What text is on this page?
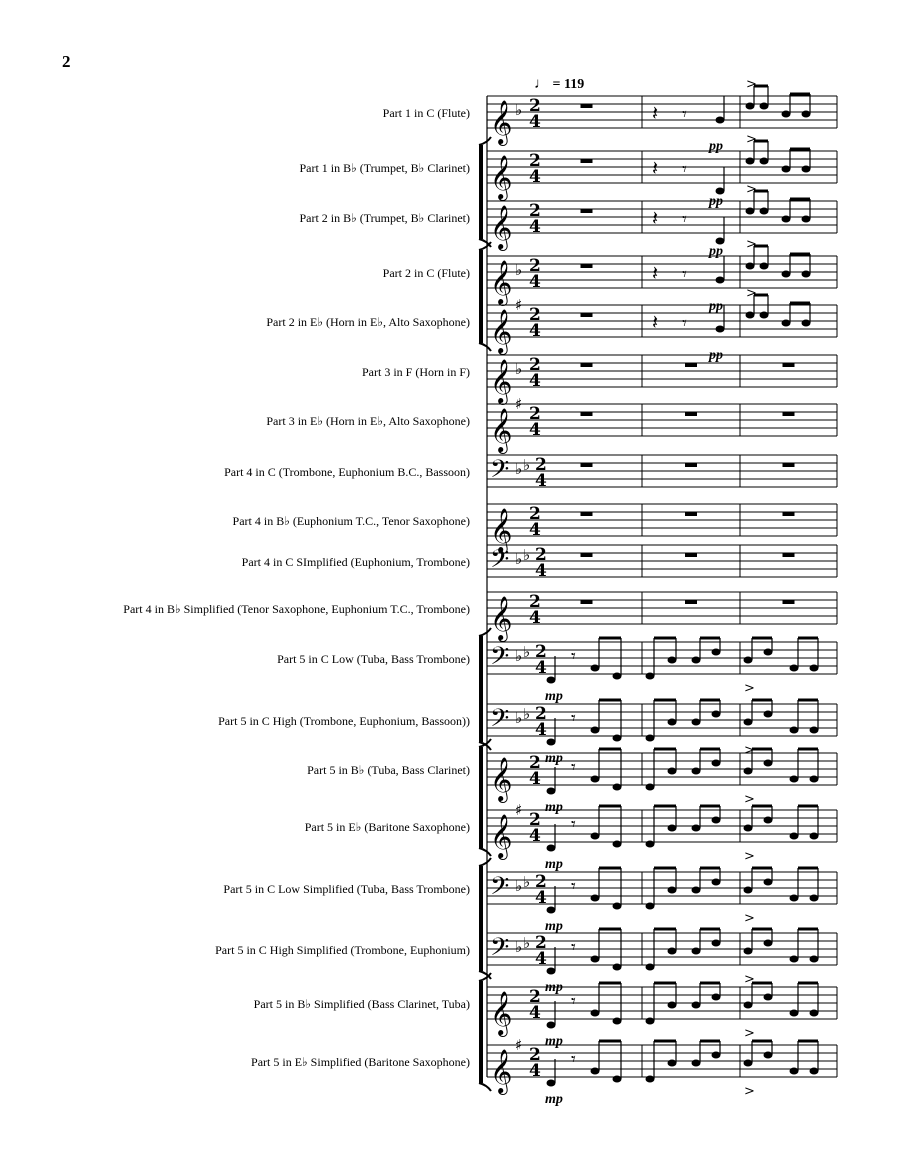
2
♩ = 119
Part 1 in C (Flute)
Part 1 in B♭ (Trumpet, B♭ Clarinet)
Part 2 in B♭ (Trumpet, B♭ Clarinet)
Part 2 in C (Flute)
Part 2 in E♭ (Horn in E♭, Alto Saxophone)
Part 3 in F (Horn in F)
Part 3 in E♭ (Horn in E♭, Alto Saxophone)
Part 4 in C (Trombone, Euphonium B.C., Bassoon)
Part 4 in B♭ (Euphonium T.C., Tenor Saxophone)
Part 4 in C SImplified (Euphonium, Trombone)
Part 4 in B♭ Simplified (Tenor Saxophone, Euphonium T.C., Trombone)
Part 5 in C Low (Tuba, Bass Trombone)
Part 5 in C High (Trombone, Euphonium, Bassoon))
Part 5 in B♭ (Tuba, Bass Clarinet)
Part 5 in E♭ (Baritone Saxophone)
Part 5 in C Low Simplified (Tuba, Bass Trombone)
Part 5 in C High Simplified (Trombone, Euphonium)
Part 5 in B♭ Simplified (Bass Clarinet, Tuba)
Part 5 in E♭ Simplified (Baritone Saxophone)
𝄞 ♭ 2
4	𝄽 𝄾
pp
>
𝄞 2
4	𝄽 𝄾
pp
>
𝄞 2
4	𝄽 𝄾
pp
>
𝄞 ♭ 2
4	𝄽 𝄾
pp
>
𝄞
♯ 2
4	𝄽 𝄾
pp
>
𝄞 ♭ 2
4
𝄞
♯ 2
4
𝄢 ♭ ♭ 2
4
𝄞 2
4
𝄢 ♭ ♭ 2
4
𝄞 2
4
𝄢 ♭ ♭ 2
4
mp
𝄾
>
𝄢 ♭ ♭ 2
4
mp
𝄾
>
𝄞 2
4
mp
𝄾
>
𝄞
♯ 2
4
mp
𝄾
>
𝄢 ♭ ♭ 2
4
mp
𝄾
>
𝄢 ♭ ♭ 2
4
mp
𝄾
>
𝄞 2
4
mp
𝄾
>
𝄞
♯ 2
4
mp
𝄾
>
